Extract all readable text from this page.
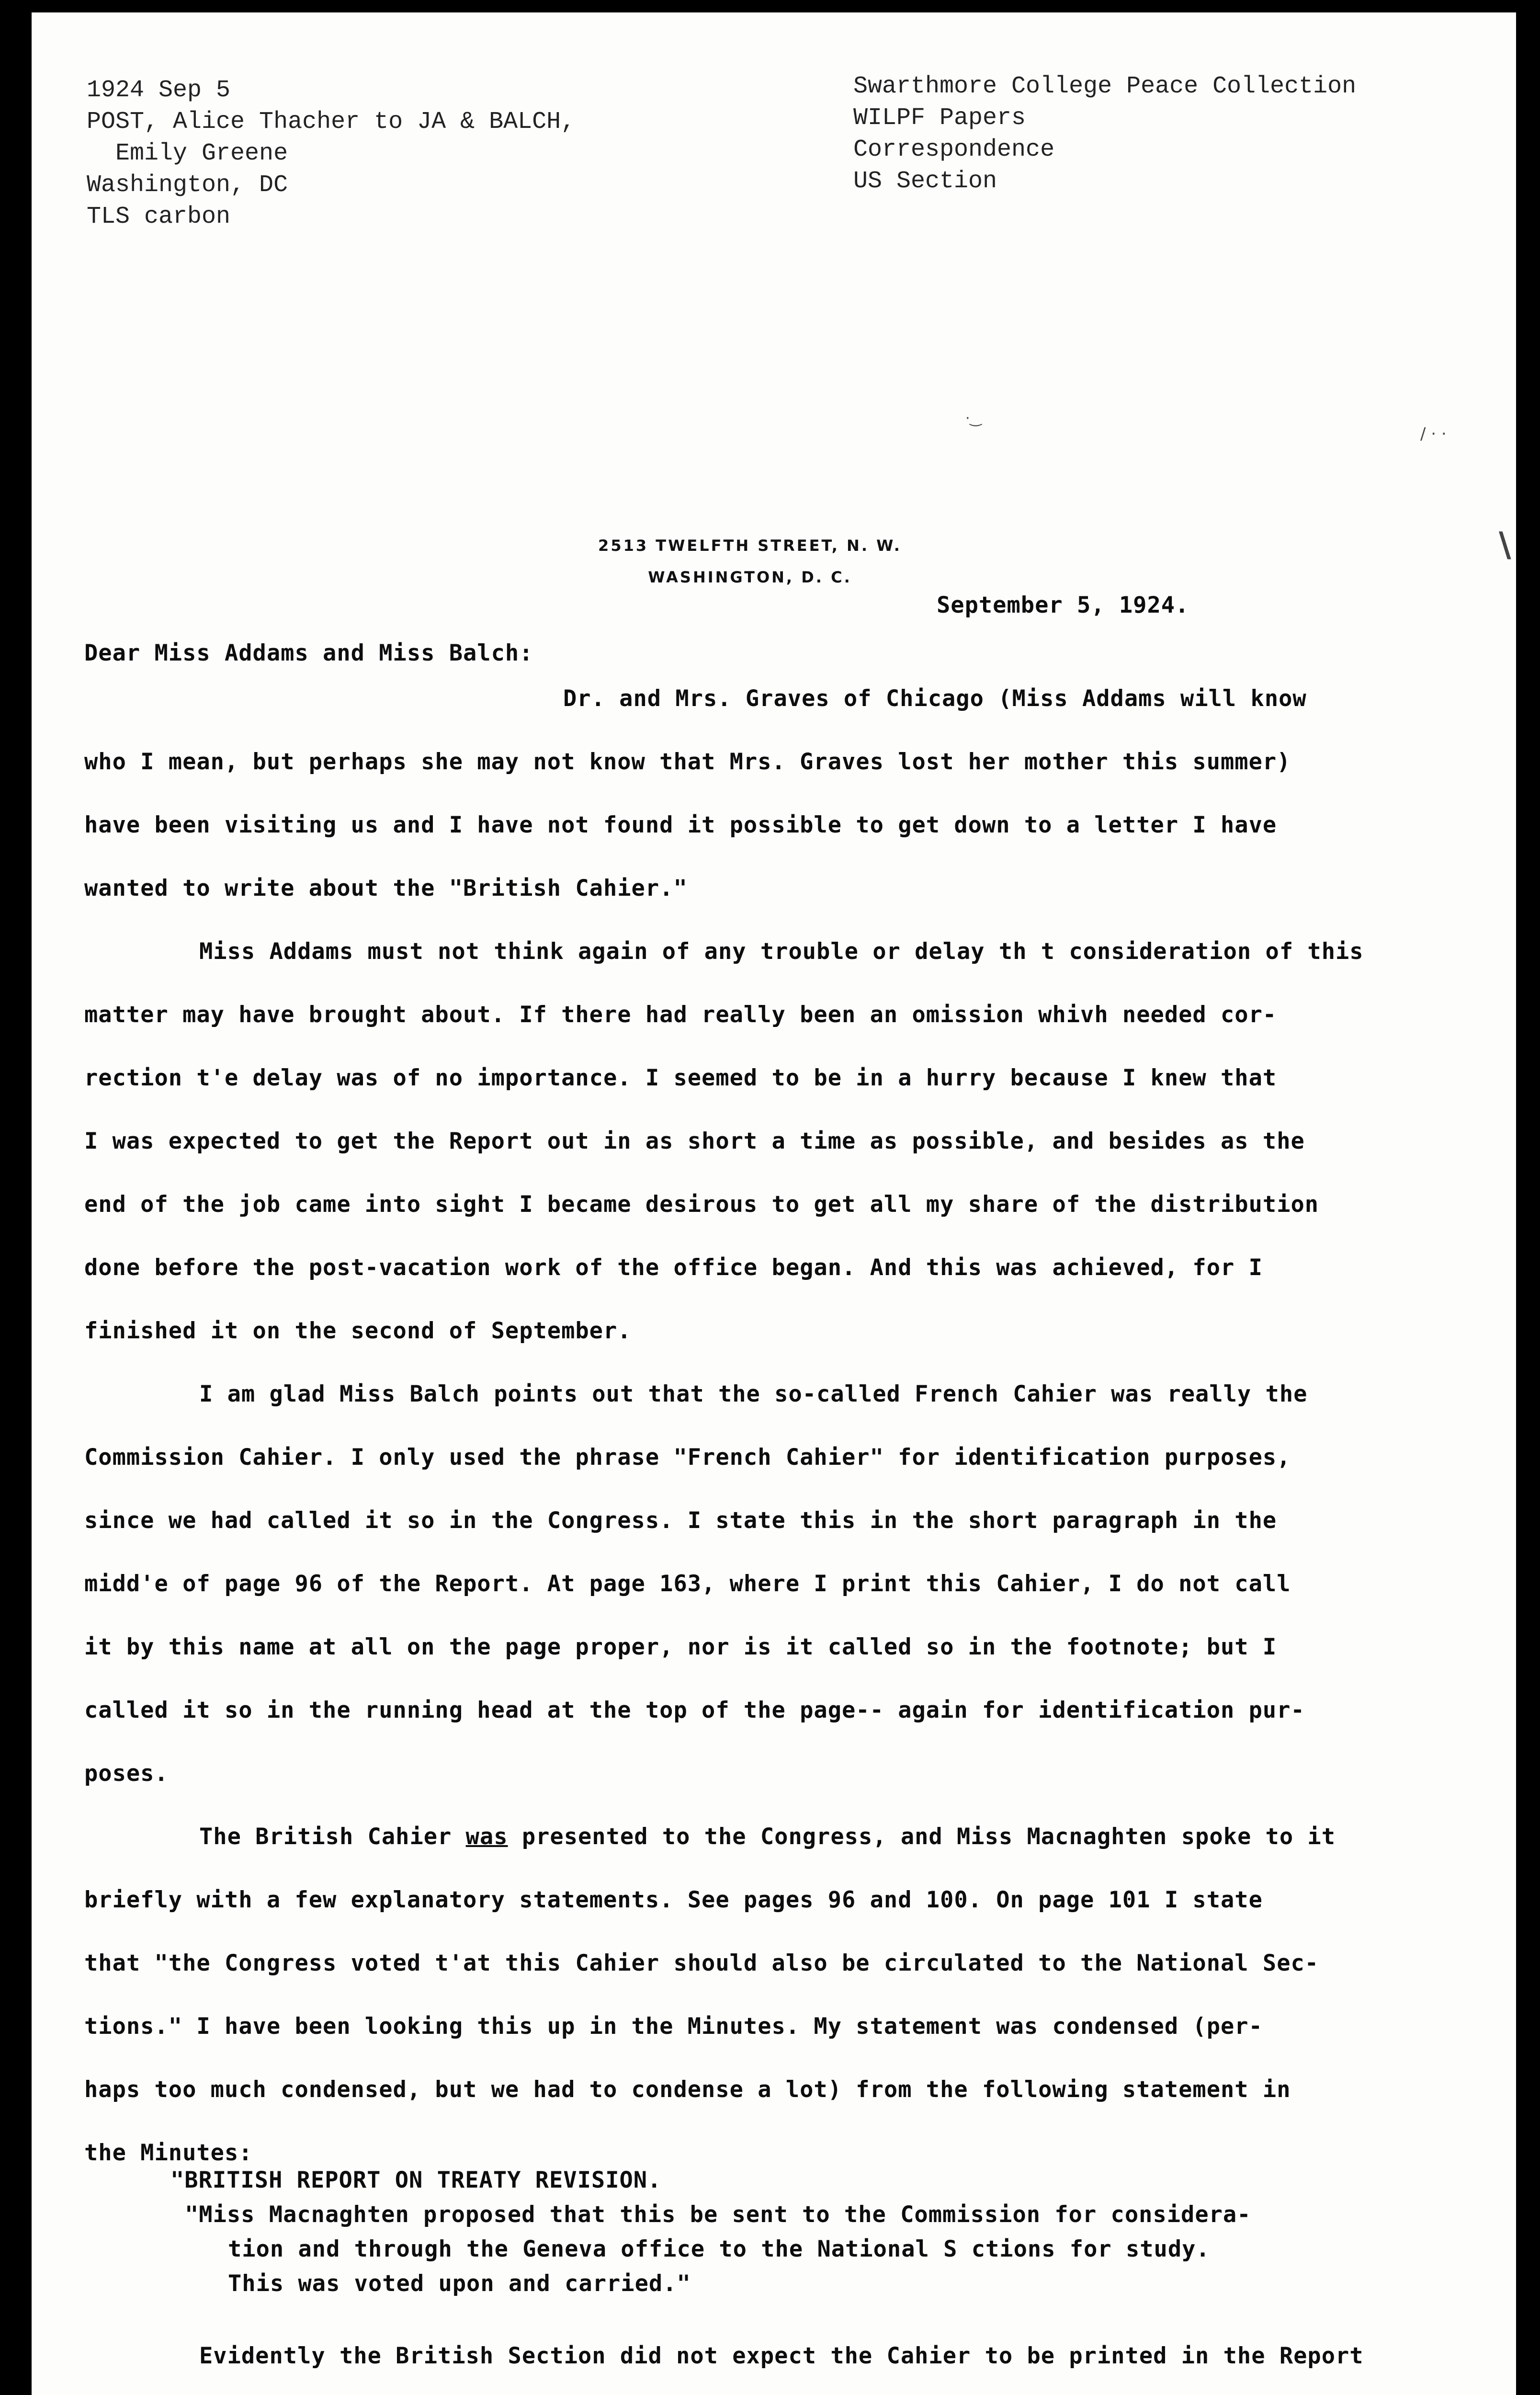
1924 Sep 5
POST, Alice Thacher to JA & BALCH,
Emily Greene
Washington, DC
TLS carbon
Swarthmore College Peace Collection
WILPF Papers
Correspondence
US Section
·‿
/ · ·
\
2513 TWELFTH STREET, N. W.
WASHINGTON, D. C.
September 5, 1924.
Dear Miss Addams and Miss Balch:
Dr. and Mrs. Graves of Chicago (Miss Addams will know
who I mean, but perhaps she may not know that Mrs. Graves lost her mother this summer)
have been visiting us and I have not found it possible to get down to a letter I have
wanted to write about the "British Cahier."
Miss Addams must not think again of any trouble or delay th t consideration of this
matter may have brought about. If there had really been an omission whivh needed cor-
rection t'e delay was of no importance. I seemed to be in a hurry because I knew that
I was expected to get the Report out in as short a time as possible, and besides as the
end of the job came into sight I became desirous to get all my share of the distribution
done before the post-vacation work of the office began. And this was achieved, for I
finished it on the second of September.
I am glad Miss Balch points out that the so-called French Cahier was really the
Commission Cahier. I only used the phrase "French Cahier" for identification purposes,
since we had called it so in the Congress. I state this in the short paragraph in the
midd'e of page 96 of the Report. At page 163, where I print this Cahier, I do not call
it by this name at all on the page proper, nor is it called so in the footnote; but I
called it so in the running head at the top of the page-- again for identification pur-
poses.
The British Cahier was presented to the Congress, and Miss Macnaghten spoke to it
briefly with a few explanatory statements. See pages 96 and 100. On page 101 I state
that "the Congress voted t'at this Cahier should also be circulated to the National Sec-
tions." I have been looking this up in the Minutes. My statement was condensed (per-
haps too much condensed, but we had to condense a lot) from the following statement in
the Minutes:
"BRITISH REPORT ON TREATY REVISION.
"Miss Macnaghten proposed that this be sent to the Commission for considera-
tion and through the Geneva office to the National S ctions for study.
This was voted upon and carried."
Evidently the British Section did not expect the Cahier to be printed in the Report
